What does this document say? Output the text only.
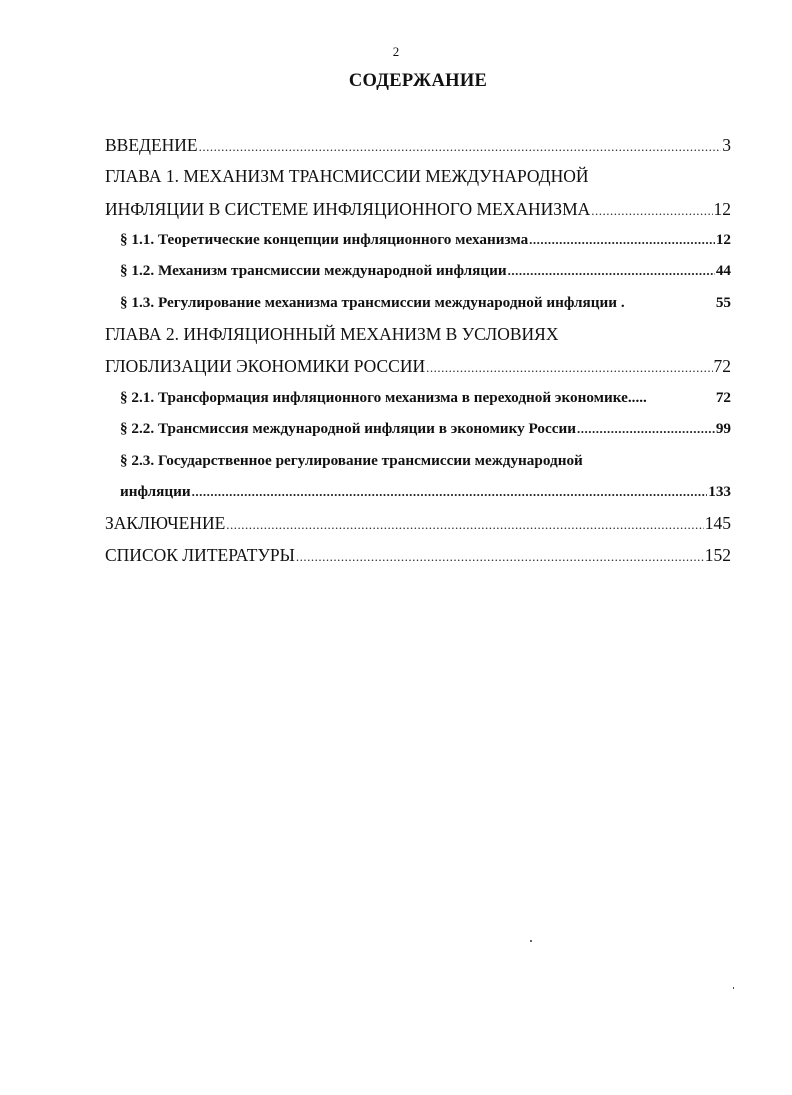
2
СОДЕРЖАНИЕ
ВВЕДЕНИЕ .....	3
ГЛАВА 1. МЕХАНИЗМ ТРАНСМИССИИ МЕЖДУНАРОДНОЙ
ИНФЛЯЦИИ В СИСТЕМЕ ИНФЛЯЦИОННОГО МЕХАНИЗМА .....	12
§ 1.1. Теоретические концепции инфляционного механизма .....	12
§ 1.2. Механизм трансмиссии международной инфляции .....	44
§ 1.3. Регулирование механизма трансмиссии международной инфляции .	55
ГЛАВА 2. ИНФЛЯЦИОННЫЙ МЕХАНИЗМ В УСЛОВИЯХ
ГЛОБЛИЗАЦИИ ЭКОНОМИКИ РОССИИ .....	72
§ 2.1. Трансформация инфляционного механизма в переходной экономике.....	72
§ 2.2. Трансмиссия международной инфляции в экономику России .....	99
§ 2.3. Государственное регулирование трансмиссии международной
инфляции .....	133
ЗАКЛЮЧЕНИЕ .....	145
СПИСОК ЛИТЕРАТУРЫ .....	152
